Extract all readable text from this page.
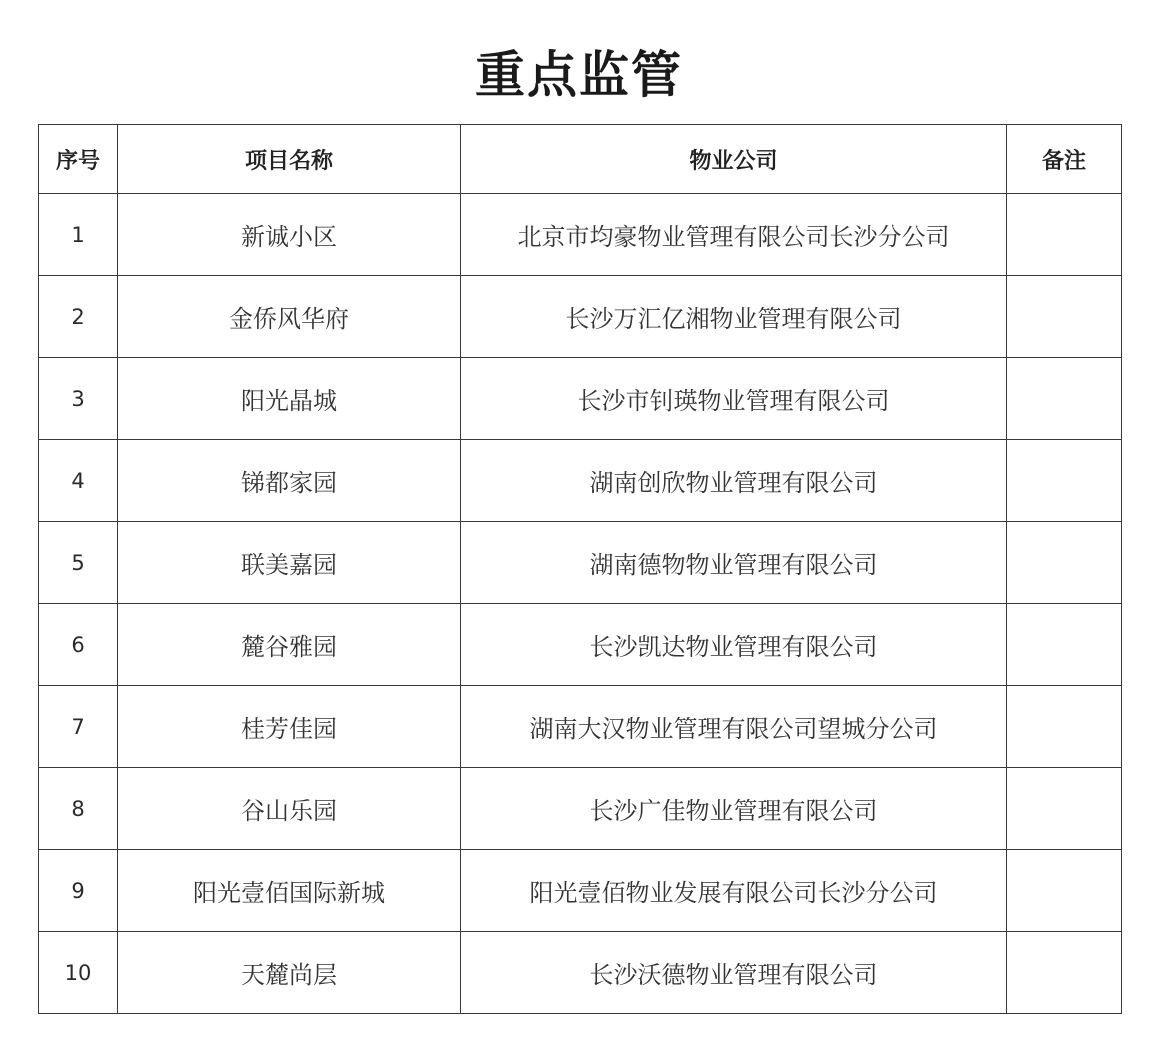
重点监管
序号	项目名称	物业公司	备注
1	新诚小区	北京市均豪物业管理有限公司长沙分公司	
2	金侨风华府	长沙万汇亿湘物业管理有限公司	
3	阳光晶城	长沙市钊瑛物业管理有限公司	
4	锑都家园	湖南创欣物业管理有限公司	
5	联美嘉园	湖南德物物业管理有限公司	
6	麓谷雅园	长沙凯达物业管理有限公司	
7	桂芳佳园	湖南大汉物业管理有限公司望城分公司	
8	谷山乐园	长沙广佳物业管理有限公司	
9	阳光壹佰国际新城	阳光壹佰物业发展有限公司长沙分公司	
10	天麓尚层	长沙沃德物业管理有限公司	
